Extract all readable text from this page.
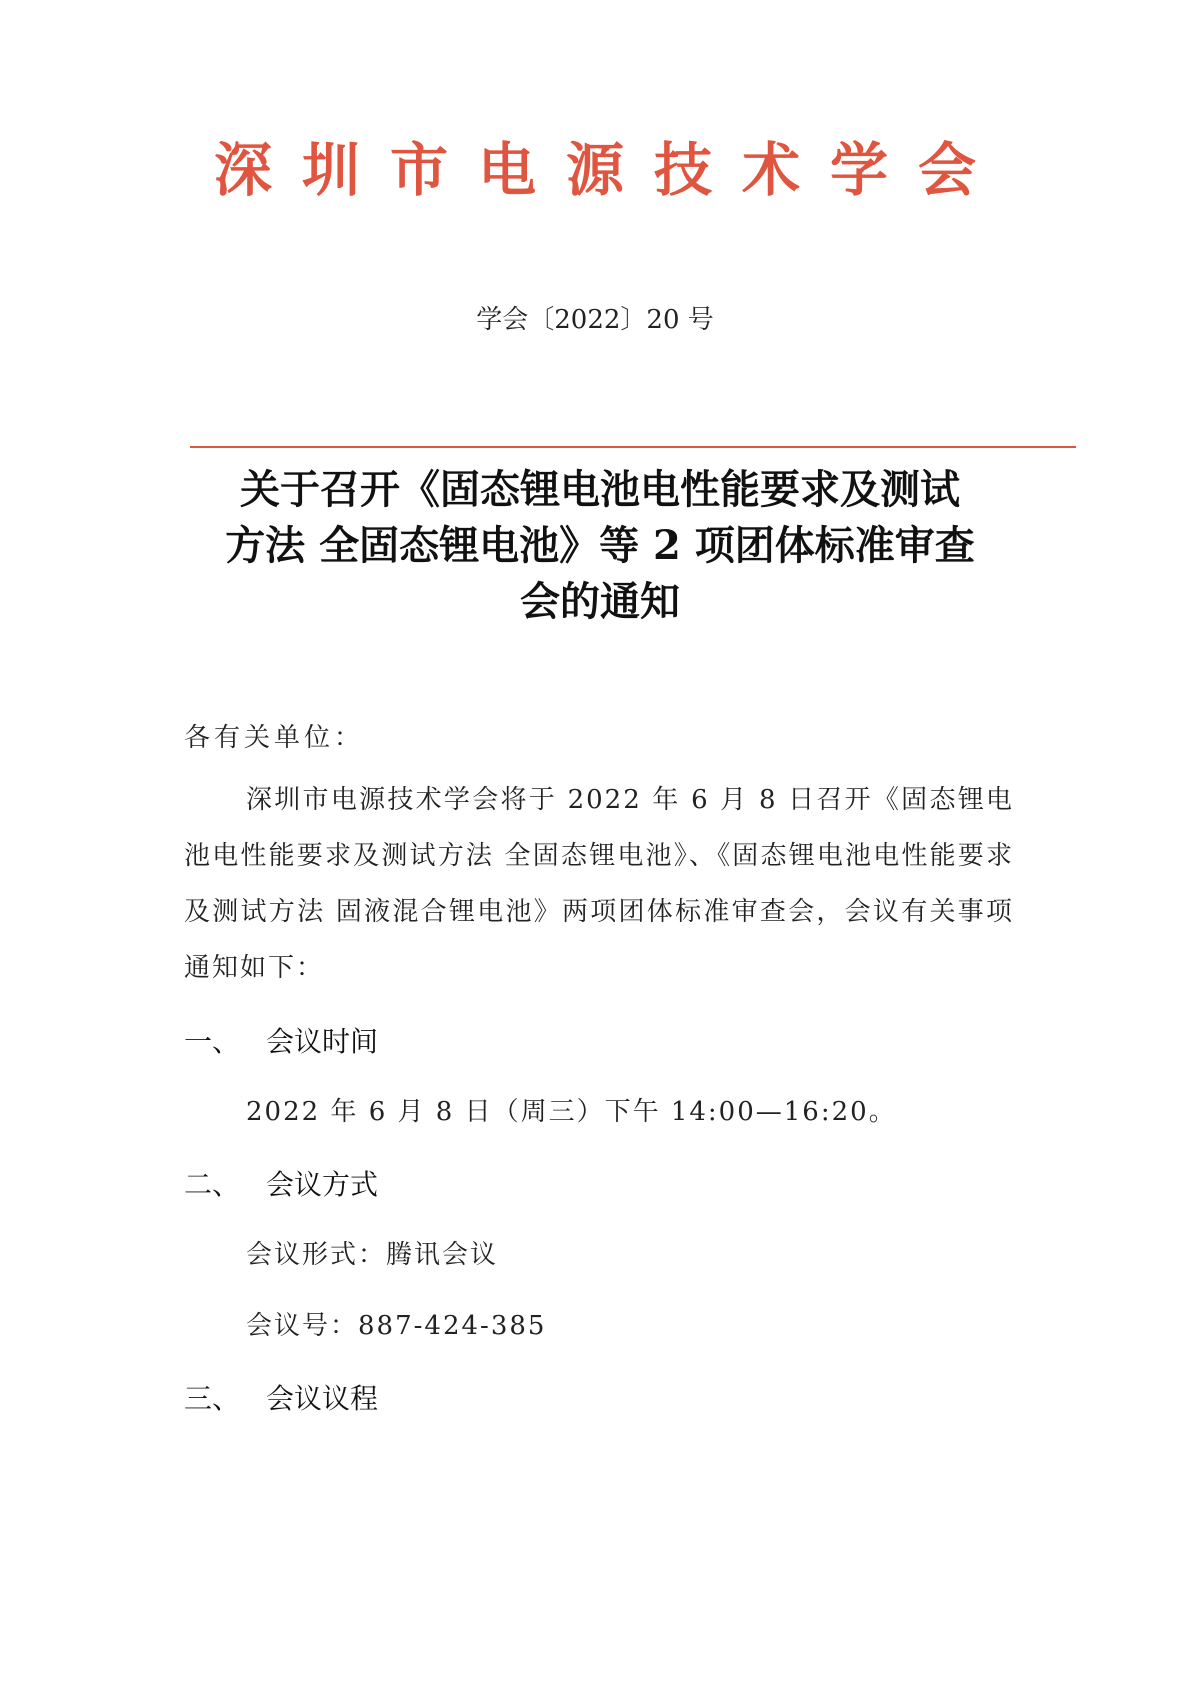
深圳市电源技术学会
学会〔2022〕20 号
关于召开《固态锂电池电性能要求及测试
方法 全固态锂电池》等 2 项团体标准审查
会的通知
各有关单位：
深圳市电源技术学会将于 2022 年 6 月 8 日召开《固态锂电池电性能要求及测试方法 全固态锂电池》、《固态锂电池电性能要求及测试方法 固液混合锂电池》两项团体标准审查会，会议有关事项通知如下：
一、 会议时间
2022 年 6 月 8 日（周三）下午 14:00—16:20。
二、 会议方式
会议形式：腾讯会议
会议号：887-424-385
三、 会议议程
